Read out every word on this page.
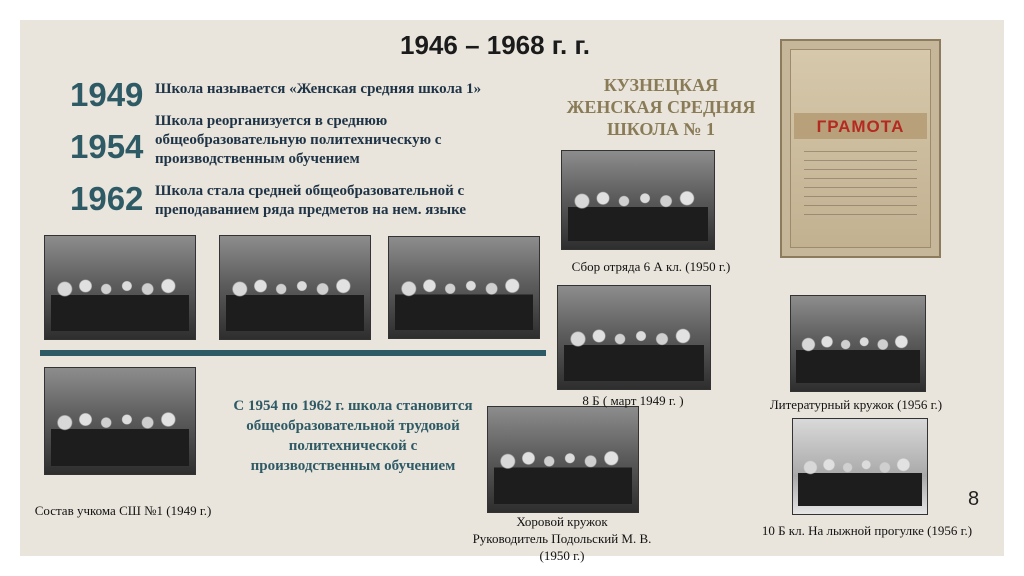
1946 – 1968 г. г.
1949 Школа называется «Женская средняя школа 1»
1954
Школа реорганизуется в среднюю общеобразовательную политехническую с производственным обучением
1962 Школа стала средней общеобразовательной с преподаванием ряда предметов на нем. языке
КУЗНЕЦКАЯ
ЖЕНСКАЯ СРЕДНЯЯ
ШКОЛА № 1	ГРАМОТА
Состав учкома СШ №1 (1949 г.)
С 1954 по 1962 г. школа становится общеобразовательной трудовой политехнической с производственным обучением
Хоровой кружок
Руководитель Подольский М. В.
(1950 г.)
Сбор отряда 6 А кл. (1950 г.)
8 Б ( март 1949 г. )	Литературный кружок (1956 г.)
10 Б кл. На лыжной прогулке (1956 г.)
8
